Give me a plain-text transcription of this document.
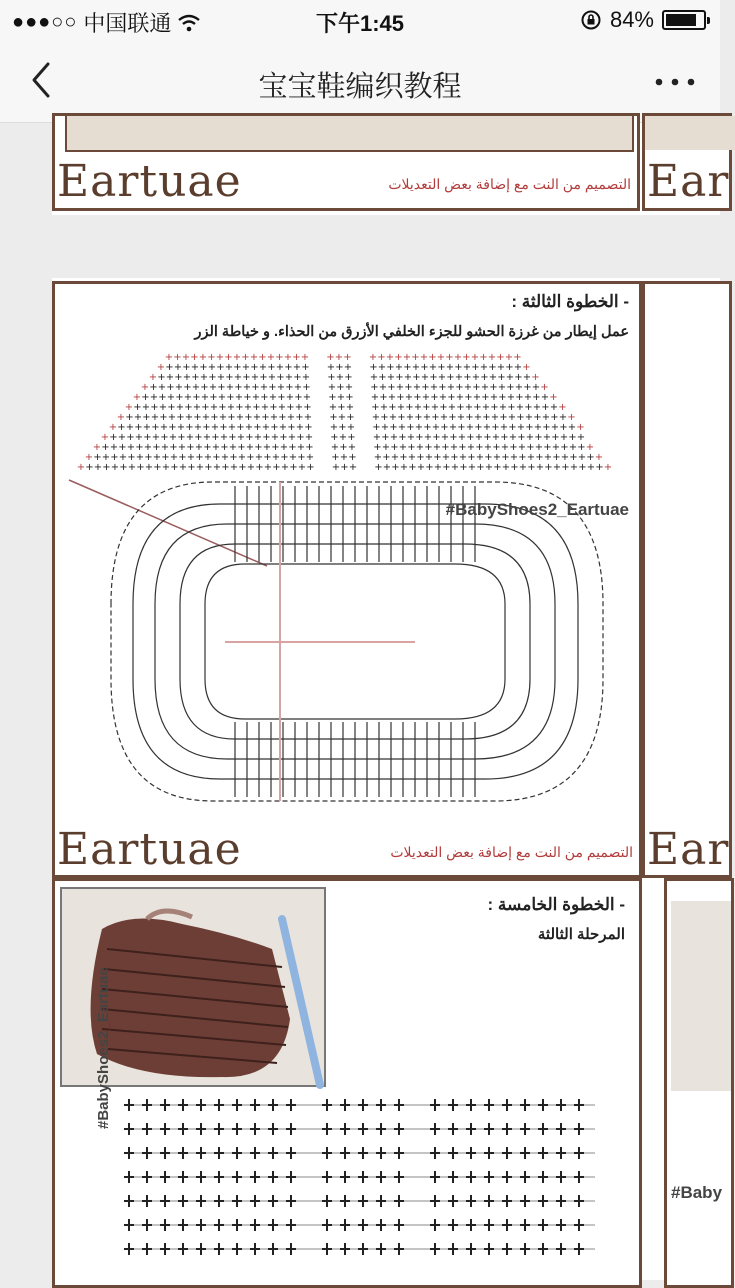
●●●○○ 中国联通	下午1:45	84%
宝宝鞋编织教程
Eartuae	التصميم من النت مع إضافة بعض التعديلات Ear
- الخطوة الثالثة :
عمل إيطار من غرزة الحشو للجزء الخلفي الأزرق من الحذاء. و خياطة الزر
+ + + + + + + + + + + + + + + + + + + + + + + + + + + + + + + + + + + + + +
+ + + + + + + + + + + + + + + + + + + + + + + + + + + + + + + + + + + + + + + +
+ + + + + + + + + + + + + + + + + + + + + + + + + + + + + + + + + + + + + + + + + +
+ + + + + + + + + + + + + + + + + + + + + + + + + + + + + + + + + + + + + + + + + + + +
+ + + + + + + + + + + + + + + + + + + + + + + + + + + + + + + + + + + + + + + + + + + + + +
+ + + + + + + + + + + + + + + + + + + + + + + + + + + + + + + + + + + + + + + + + + + + + + + +
+ + + + + + + + + + + + + + + + + + + + + + + + + + + + + + + + + + + + + + + + + + + + + + + + + +
+ + + + + + + + + + + + + + + + + + + + + + + + + + + + + + + + + + + + + + + + + + + + + + + + + + + +
+ + + + + + + + + + + + + + + + + + + + + + + + + + + + + + + + + + + + + + + + + + + + + + + + + + + + +
+ + + + + + + + + + + + + + + + + + + + + + + + + + + + + + + + + + + + + + + + + + + + + + + + + + + + + + +
+ + + + + + + + + + + + + + + + + + + + + + + + + + + + + + + + + + + + + + + + + + + + + + + + + + + + + + + + +
+ + + + + + + + + + + + + + + + + + + + + + + + + + + + + + + + + + + + + + + + + + + + + + + + + + + + + + + + + + +
#BabyShoes2_Eartuae
Eartuae	التصميم من النت مع إضافة بعض التعديلات Ear
- الخطوة الخامسة :
المرحلة الثالثة
#BabyShoes2_Eartuae
#Baby
